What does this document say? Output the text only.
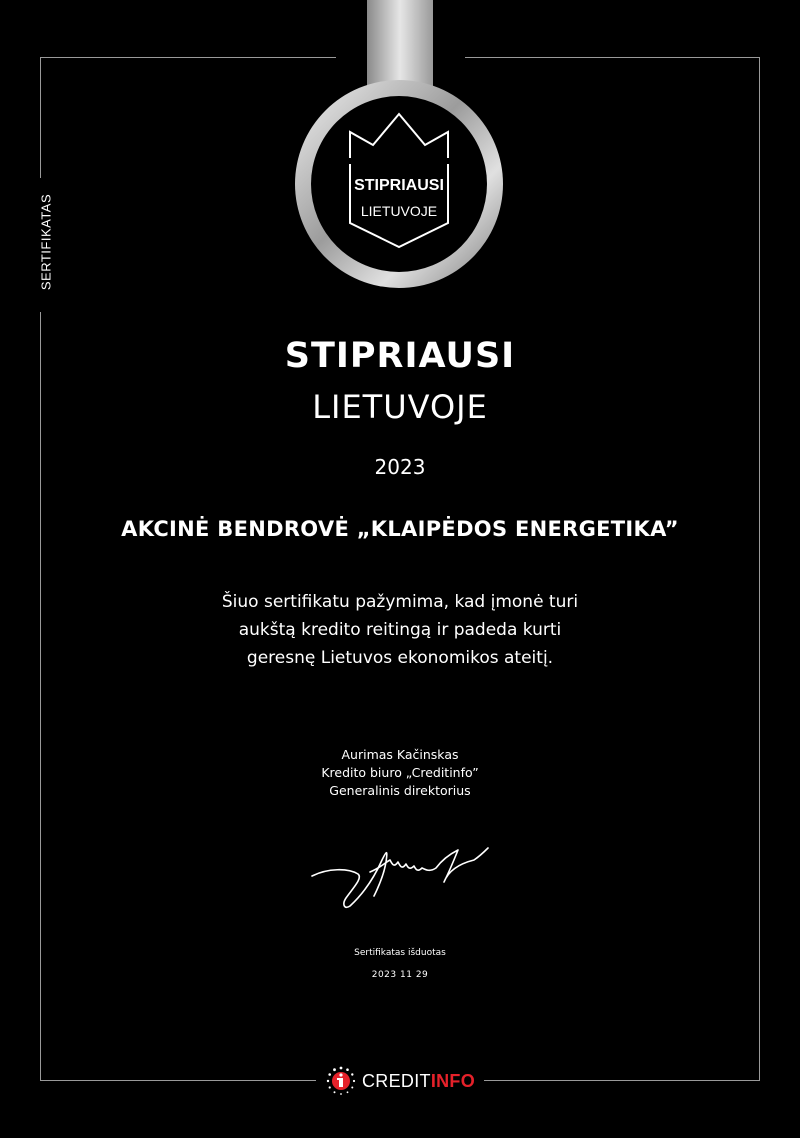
SERTIFIKATAS
STIPRIAUSI
LIETUVOJE
STIPRIAUSI
LIETUVOJE
2023
AKCINĖ BENDROVĖ „KLAIPĖDOS ENERGETIKA”
Šiuo sertifikatu pažymima, kad įmonė turi
aukštą kredito reitingą ir padeda kurti
geresnę Lietuvos ekonomikos ateitį.
Aurimas Kačinskas
Kredito biuro „Creditinfo”
Generalinis direktorius
Sertifikatas išduotas
2023 11 29
CREDITINFO
